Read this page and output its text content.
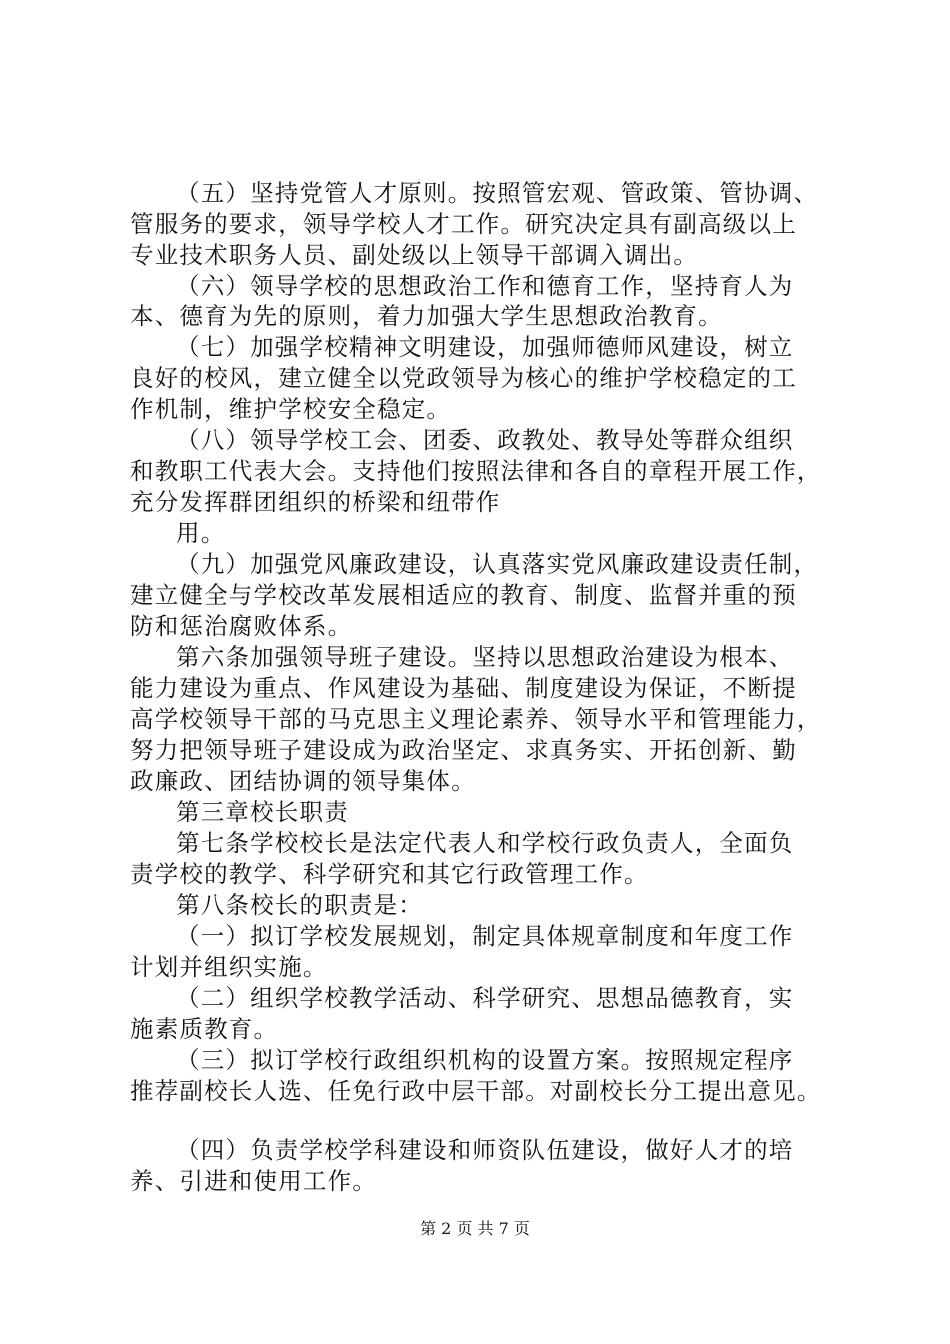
（五）坚持党管人才原则。按照管宏观、管政策、管协调、
管服务的要求，领导学校人才工作。研究决定具有副高级以上
专业技术职务人员、副处级以上领导干部调入调出。
（六）领导学校的思想政治工作和德育工作，坚持育人为
本、德育为先的原则，着力加强大学生思想政治教育。
（七）加强学校精神文明建设，加强师德师风建设，树立
良好的校风，建立健全以党政领导为核心的维护学校稳定的工
作机制，维护学校安全稳定。
（八）领导学校工会、团委、政教处、教导处等群众组织
和教职工代表大会。支持他们按照法律和各自的章程开展工作，
充分发挥群团组织的桥梁和纽带作
用。
（九）加强党风廉政建设，认真落实党风廉政建设责任制，
建立健全与学校改革发展相适应的教育、制度、监督并重的预
防和惩治腐败体系。
第六条加强领导班子建设。坚持以思想政治建设为根本、
能力建设为重点、作风建设为基础、制度建设为保证，不断提
高学校领导干部的马克思主义理论素养、领导水平和管理能力，
努力把领导班子建设成为政治坚定、求真务实、开拓创新、勤
政廉政、团结协调的领导集体。
第三章校长职责
第七条学校校长是法定代表人和学校行政负责人，全面负
责学校的教学、科学研究和其它行政管理工作。
第八条校长的职责是：
（一）拟订学校发展规划，制定具体规章制度和年度工作
计划并组织实施。
（二）组织学校教学活动、科学研究、思想品德教育，实
施素质教育。
（三）拟订学校行政组织机构的设置方案。按照规定程序
推荐副校长人选、任免行政中层干部。对副校长分工提出意见。
（四）负责学校学科建设和师资队伍建设，做好人才的培
养、引进和使用工作。
第 2 页 共 7 页
